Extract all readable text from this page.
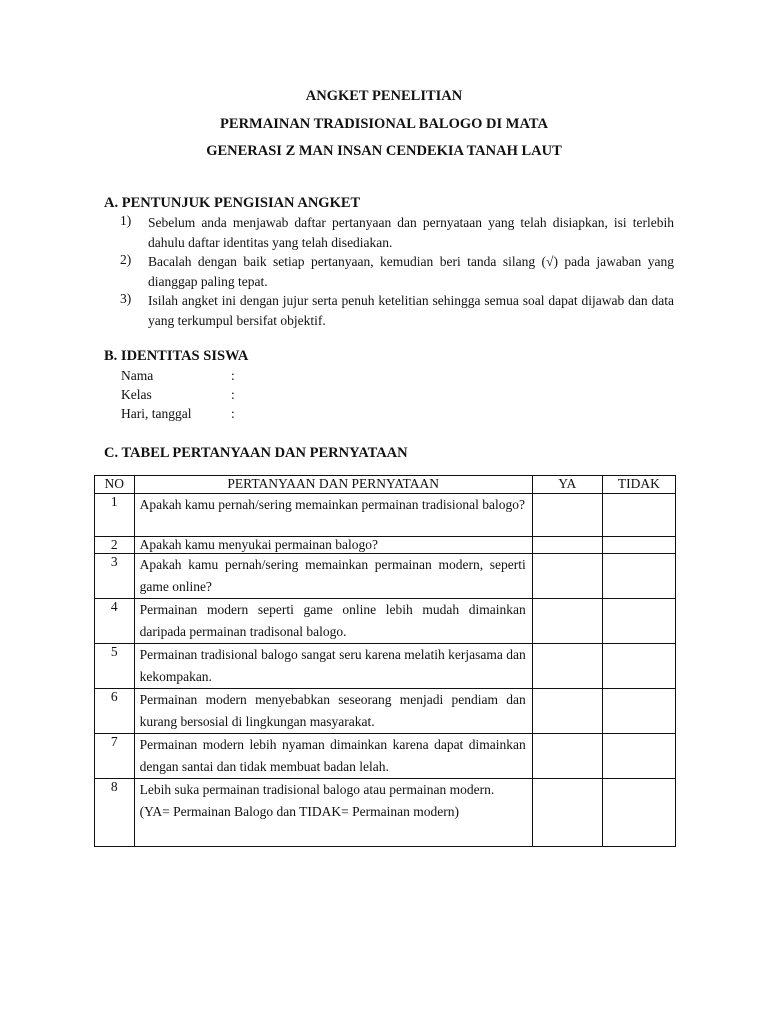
ANGKET PENELITIAN
PERMAINAN TRADISIONAL BALOGO DI MATA
GENERASI Z MAN INSAN CENDEKIA TANAH LAUT
A. PENTUNJUK PENGISIAN ANGKET
1) Sebelum anda menjawab daftar pertanyaan dan pernyataan yang telah disiapkan, isi terlebih dahulu daftar identitas yang telah disediakan.
2) Bacalah dengan baik setiap pertanyaan, kemudian beri tanda silang (√) pada jawaban yang dianggap paling tepat.
3) Isilah angket ini dengan jujur serta penuh ketelitian sehingga semua soal dapat dijawab dan data yang terkumpul bersifat objektif.
B. IDENTITAS SISWA
Nama	:
Kelas	:
Hari, tanggal	:
C. TABEL PERTANYAAN DAN PERNYATAAN
NO	PERTANYAAN DAN PERNYATAAN	YA	TIDAK
1	Apakah kamu pernah/sering memainkan permainan tradisional balogo?		
2	Apakah kamu menyukai permainan balogo?		
3	Apakah kamu pernah/sering memainkan permainan modern, seperti game online?		
4	Permainan modern seperti game online lebih mudah dimainkan daripada permainan tradisonal balogo.		
5	Permainan tradisional balogo sangat seru karena melatih kerjasama dan kekompakan.		
6	Permainan modern menyebabkan seseorang menjadi pendiam dan kurang bersosial di lingkungan masyarakat.		
7	Permainan modern lebih nyaman dimainkan karena dapat dimainkan dengan santai dan tidak membuat badan lelah.		
8	Lebih suka permainan tradisional balogo atau permainan modern.
(YA= Permainan Balogo dan TIDAK= Permainan modern)		
